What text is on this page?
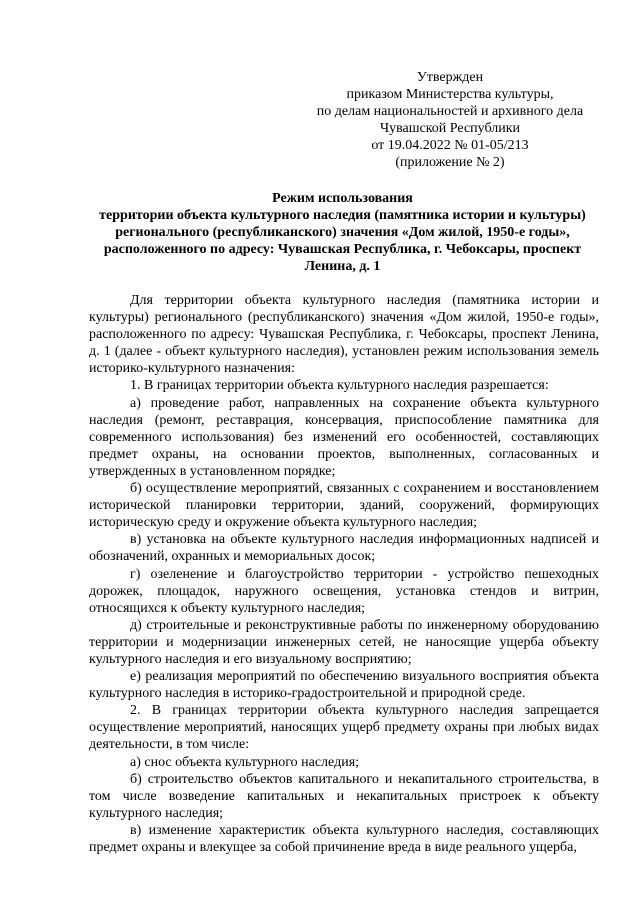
Утвержден
приказом Министерства культуры,
по делам национальностей и архивного дела
Чувашской Республики
от 19.04.2022 № 01-05/213
(приложение № 2)
Режим использования
территории объекта культурного наследия (памятника истории и культуры)
регионального (республиканского) значения «Дом жилой, 1950-е годы»,
расположенного по адресу: Чувашская Республика, г. Чебоксары, проспект
Ленина, д. 1

Для территории объекта культурного наследия (памятника истории и культуры) регионального (республиканского) значения «Дом жилой, 1950-е годы», расположенного по адресу: Чувашская Республика, г. Чебоксары, проспект Ленина, д. 1 (далее - объект культурного наследия), установлен режим использования земель историко-культурного назначения:

1. В границах территории объекта культурного наследия разрешается:

а) проведение работ, направленных на сохранение объекта культурного наследия (ремонт, реставрация, консервация, приспособление памятника для современного использования) без изменений его особенностей, составляющих предмет охраны, на основании проектов, выполненных, согласованных и утвержденных в установленном порядке;

б) осуществление мероприятий, связанных с сохранением и восстановлением исторической планировки территории, зданий, сооружений, формирующих историческую среду и окружение объекта культурного наследия;

в) установка на объекте культурного наследия информационных надписей и обозначений, охранных и мемориальных досок;

г) озеленение и благоустройство территории - устройство пешеходных дорожек, площадок, наружного освещения, установка стендов и витрин, относящихся к объекту культурного наследия;

д) строительные и реконструктивные работы по инженерному оборудованию территории и модернизации инженерных сетей, не наносящие ущерба объекту культурного наследия и его визуальному восприятию;

е) реализация мероприятий по обеспечению визуального восприятия объекта культурного наследия в историко-градостроительной и природной среде.

2. В границах территории объекта культурного наследия запрещается осуществление мероприятий, наносящих ущерб предмету охраны при любых видах деятельности, в том числе:

а) снос объекта культурного наследия;

б) строительство объектов капитального и некапитального строительства, в том числе возведение капитальных и некапитальных пристроек к объекту культурного наследия;

в) изменение характеристик объекта культурного наследия, составляющих предмет охраны и влекущее за собой причинение вреда в виде реального ущерба,
